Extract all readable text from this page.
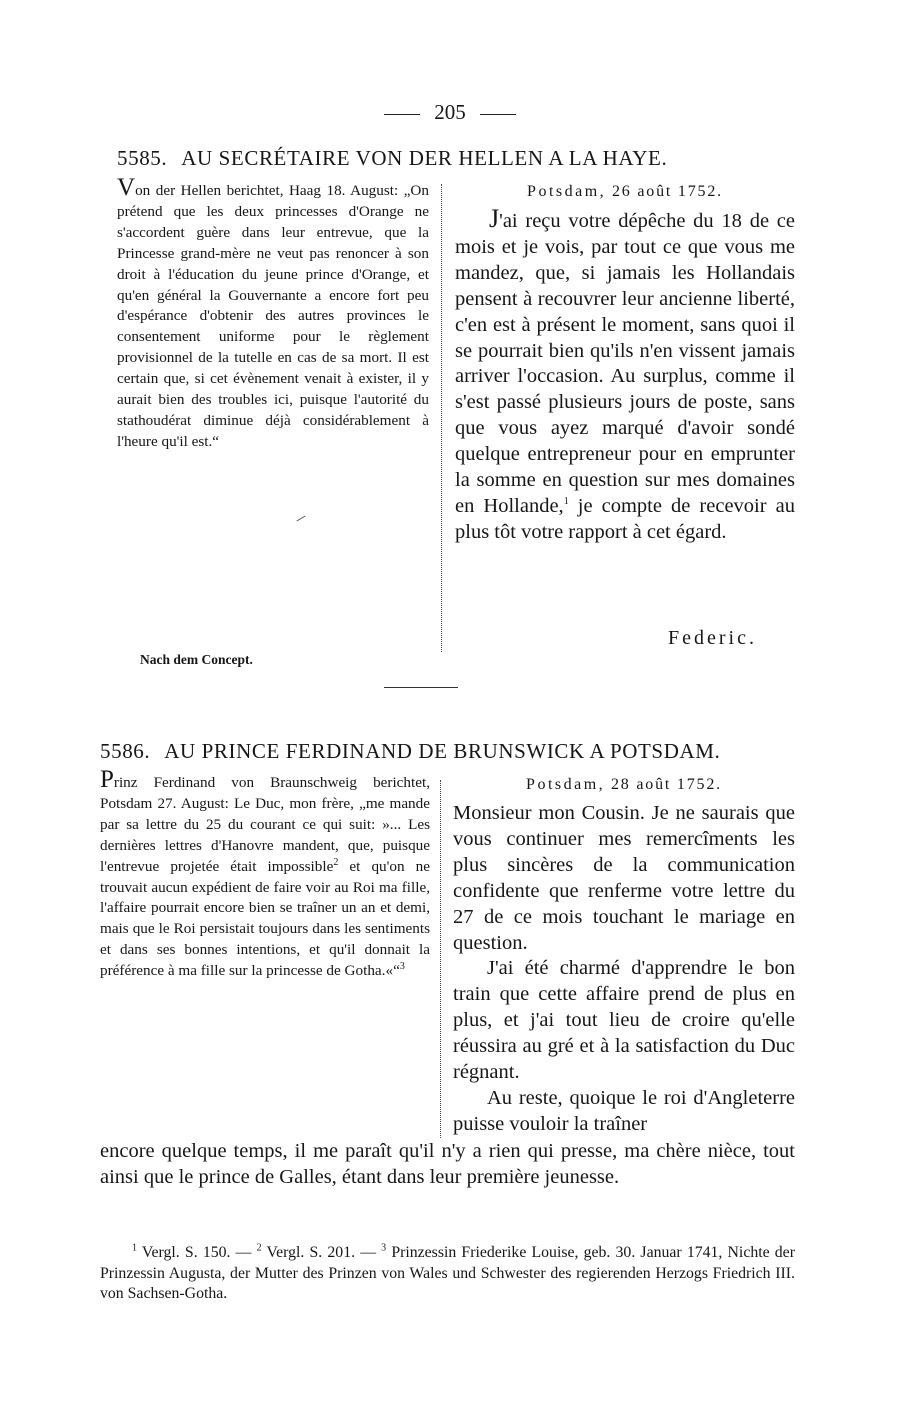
205
5585. AU SECRÉTAIRE VON DER HELLEN A LA HAYE.

Von der Hellen berichtet, Haag 18. August: „On prétend que les deux princesses d'Orange ne s'accordent guère dans leur entrevue, que la Princesse grand-mère ne veut pas renoncer à son droit à l'éducation du jeune prince d'Orange, et qu'en général la Gouvernante a encore fort peu d'espérance d'obtenir des autres provinces le consentement uniforme pour le règlement provisionnel de la tutelle en cas de sa mort. Il est certain que, si cet évènement venait à exister, il y aurait bien des troubles ici, puisque l'autorité du stathoudérat diminue déjà considérablement à l'heure qu'il est.“

Potsdam, 26 août 1752.

J'ai reçu votre dépêche du 18 de ce mois et je vois, par tout ce que vous me mandez, que, si jamais les Hollandais pensent à recouvrer leur ancienne liberté, c'en est à présent le moment, sans quoi il se pourrait bien qu'ils n'en vissent jamais arriver l'occasion. Au surplus, comme il s'est passé plusieurs jours de poste, sans que vous ayez marqué d'avoir sondé quelque entrepreneur pour en emprunter la somme en question sur mes domaines en Hollande,$^1$ je compte de recevoir au plus tôt votre rapport à cet égard.

Federic.
Nach dem Concept.
5586. AU PRINCE FERDINAND DE BRUNSWICK A POTSDAM.

Prinz Ferdinand von Braunschweig berichtet, Potsdam 27. August: Le Duc, mon frère, „me mande par sa lettre du 25 du courant ce qui suit: »... Les dernières lettres d'Hanovre mandent, que, puisque l'entrevue projetée était impossible$^2$ et qu'on ne trouvait aucun expédient de faire voir au Roi ma fille, l'affaire pourrait encore bien se traîner un an et demi, mais que le Roi persistait toujours dans les sentiments et dans ses bonnes intentions, et qu'il donnait la préférence à ma fille sur la princesse de Gotha.«“$^3$

Potsdam, 28 août 1752.

Monsieur mon Cousin. Je ne saurais que vous continuer mes remercîments les plus sincères de la communication confidente que renferme votre lettre du 27 de ce mois touchant le mariage en question.

J'ai été charmé d'apprendre le bon train que cette affaire prend de plus en plus, et j'ai tout lieu de croire qu'elle réussira au gré et à la satisfaction du Duc régnant.

Au reste, quoique le roi d'Angleterre puisse vouloir la traîner

encore quelque temps, il me paraît qu'il n'y a rien qui presse, ma chère nièce, tout ainsi que le prince de Galles, étant dans leur première jeunesse.

$^1$ Vergl. S. 150. — $^2$ Vergl. S. 201. — $^3$ Prinzessin Friederike Louise, geb. 30. Januar 1741, Nichte der Prinzessin Augusta, der Mutter des Prinzen von Wales und Schwester des regierenden Herzogs Friedrich III. von Sachsen-Gotha.
